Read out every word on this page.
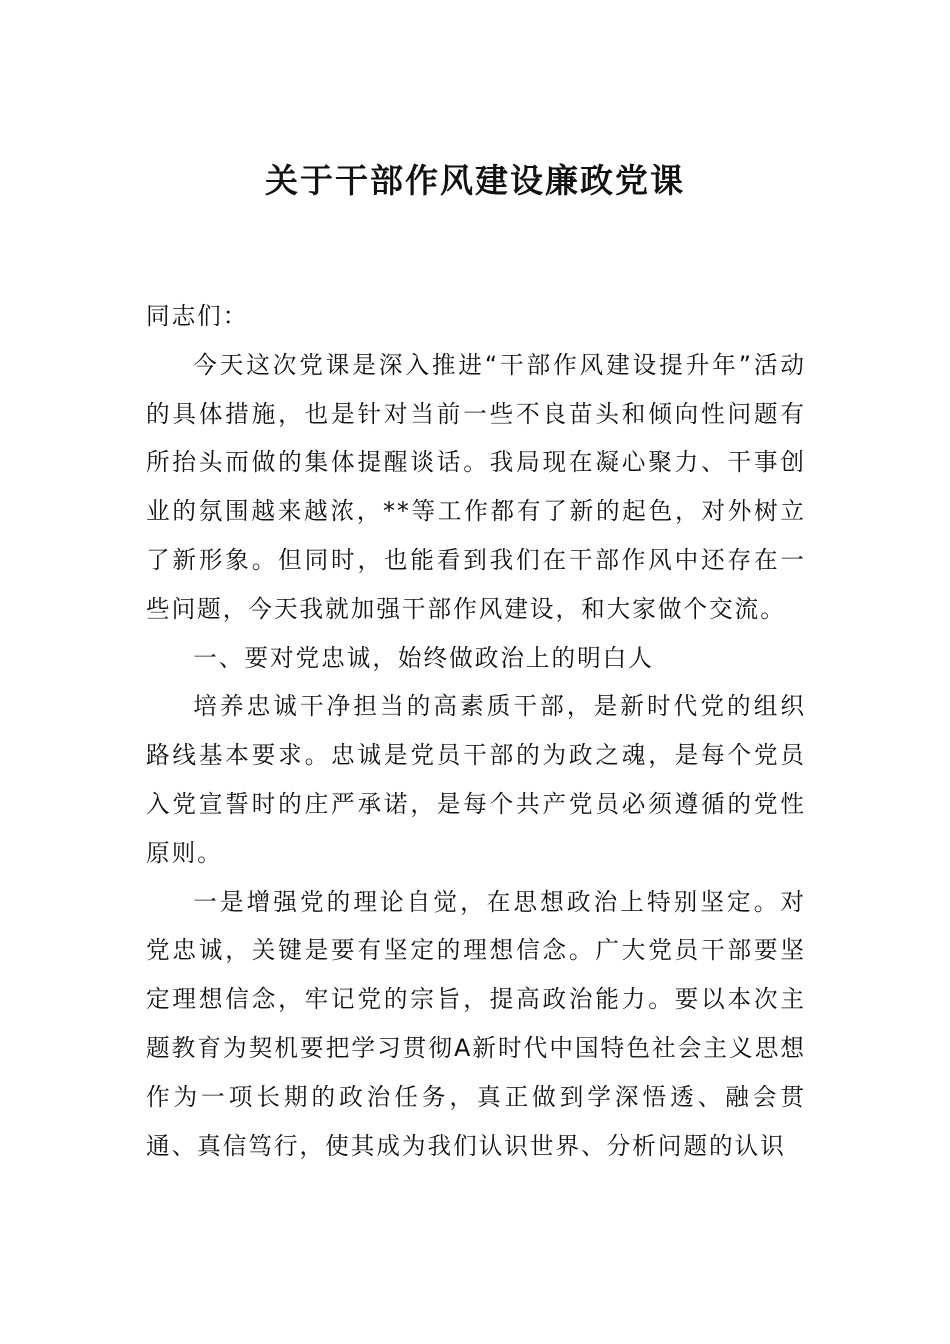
关于干部作风建设廉政党课

同志们：

今天这次党课是深入推进“干部作风建设提升年”活动的具体措施，也是针对当前一些不良苗头和倾向性问题有所抬头而做的集体提醒谈话。我局现在凝心聚力、干事创业的氛围越来越浓，**等工作都有了新的起色，对外树立了新形象。但同时，也能看到我们在干部作风中还存在一些问题，今天我就加强干部作风建设，和大家做个交流。

一、要对党忠诚，始终做政治上的明白人

培养忠诚干净担当的高素质干部，是新时代党的组织路线基本要求。忠诚是党员干部的为政之魂，是每个党员入党宣誓时的庄严承诺，是每个共产党员必须遵循的党性原则。

一是增强党的理论自觉，在思想政治上特别坚定。对党忠诚，关键是要有坚定的理想信念。广大党员干部要坚定理想信念，牢记党的宗旨，提高政治能力。要以本次主题教育为契机要把学习贯彻A新时代中国特色社会主义思想作为一项长期的政治任务，真正做到学深悟透、融会贯通、真信笃行，使其成为我们认识世界、分析问题的认识
